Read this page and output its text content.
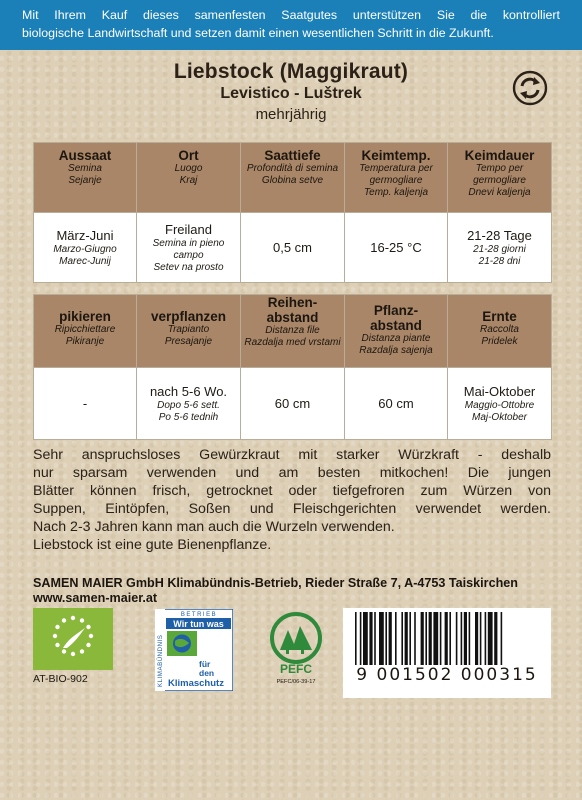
Mit Ihrem Kauf dieses samenfesten Saatgutes unterstützen Sie die kontrolliert
biologische Landwirtschaft und setzen damit einen wesentlichen Schritt in die Zukunft.
Liebstock (Maggikraut)
Levistico - Luštrek
mehrjährig
Aussaat
Semina
Sejanje	Ort
Luogo
Kraj	Saattiefe
Profondità di semina
Globina setve	Keimtemp.
Temperatura per germogliare
Temp. kaljenja	Keimdauer
Tempo per germogliare
Dnevi kaljenja

März-Juni
Marzo-Giugno
Marec-Junij	Freiland
Semina in pieno campo
Setev na prosto	0,5 cm	16-25 °C	21-28 Tage
21-28 giorni
21-28 dni
pikieren
Ripicchiettare
Pikiranje	verpflanzen
Trapianto
Presajanje	Reihen-
abstand
Distanza file
Razdalja med vrstami	Pflanz-
abstand
Distanza piante
Razdalja sajenja	Ernte
Raccolta
Pridelek

-	nach 5-6 Wo.
Dopo 5-6 sett.
Po 5-6 tednih	60 cm	60 cm	Mai-Oktober
Maggio-Ottobre
Maj-Oktober
Sehr anspruchsloses Gewürzkraut mit starker Würzkraft - deshalb
nur sparsam verwenden und am besten mitkochen! Die jungen
Blätter können frisch, getrocknet oder tiefgefroren zum Würzen von
Suppen, Eintöpfen, Soßen und Fleischgerichten verwendet werden.
Nach 2-3 Jahren kann man auch die Wurzeln verwenden.
Liebstock ist eine gute Bienenpflanze.
SAMEN MAIER GmbH Klimabündnis-Betrieb, Rieder Straße 7, A-4753 Taiskirchen
www.samen-maier.at
AT-BIO-902	KLIMABÜNDNIS
BETRIEB
Wir tun was
für
den
Klimaschutz
PEFC
PEFC/06-39-17	9 001502 000315
